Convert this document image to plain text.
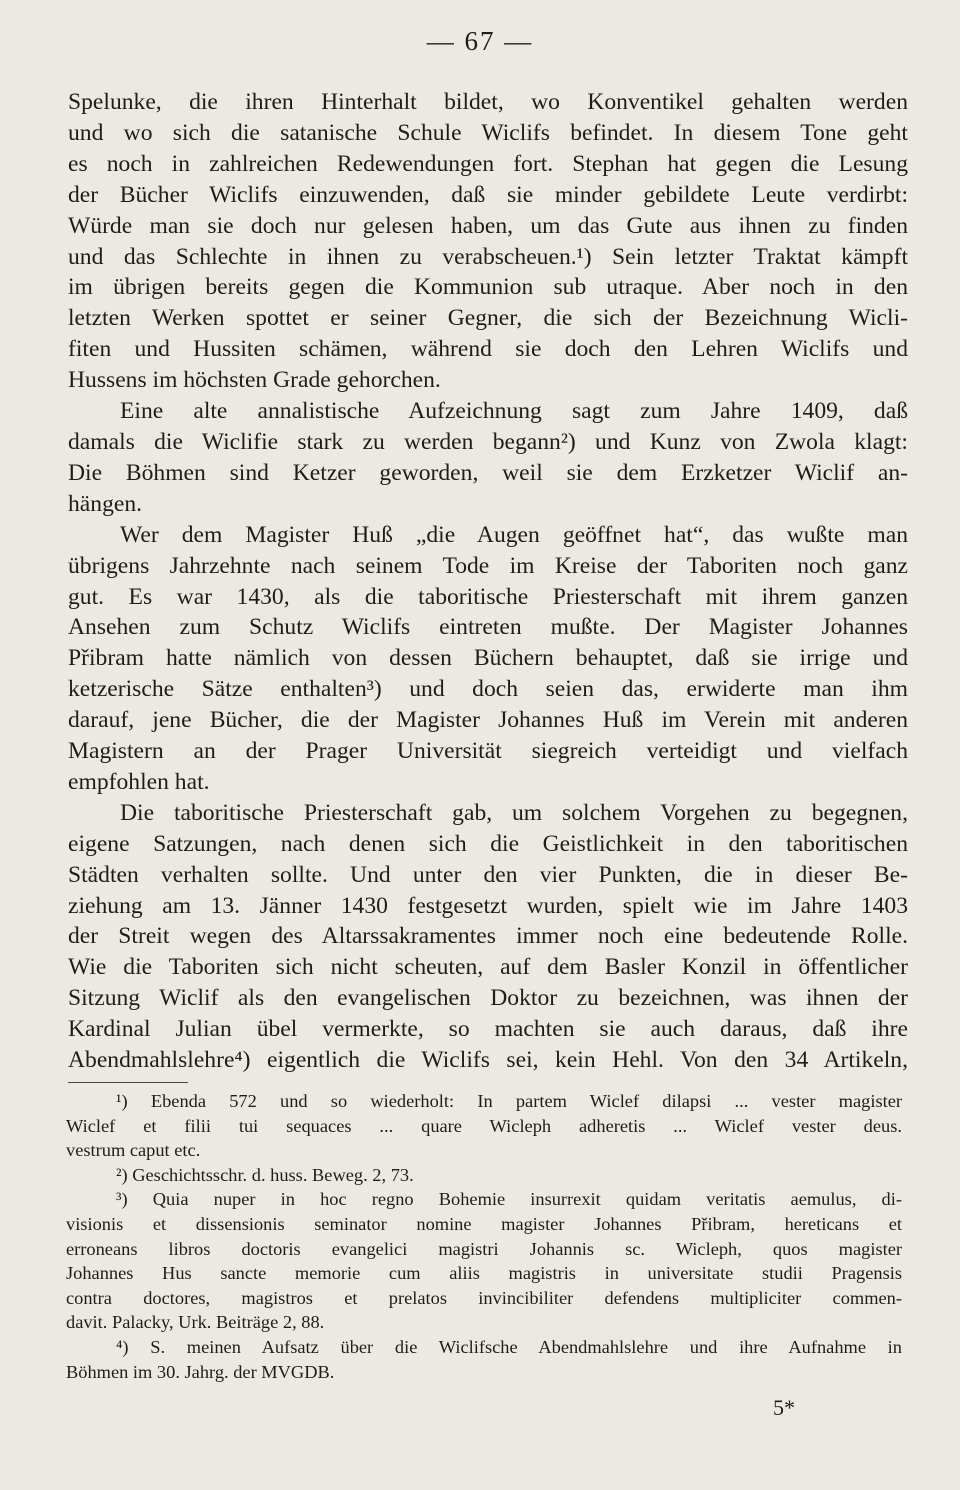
— 67 —
Spelunke, die ihren Hinterhalt bildet, wo Konventikel gehalten werden
und wo sich die satanische Schule Wiclifs befindet. In diesem Tone geht
es noch in zahlreichen Redewendungen fort. Stephan hat gegen die Lesung
der Bücher Wiclifs einzuwenden, daß sie minder gebildete Leute verdirbt:
Würde man sie doch nur gelesen haben, um das Gute aus ihnen zu finden
und das Schlechte in ihnen zu verabscheuen.¹) Sein letzter Traktat kämpft
im übrigen bereits gegen die Kommunion sub utraque. Aber noch in den
letzten Werken spottet er seiner Gegner, die sich der Bezeichnung Wicli-
fiten und Hussiten schämen, während sie doch den Lehren Wiclifs und
Hussens im höchsten Grade gehorchen.
Eine alte annalistische Aufzeichnung sagt zum Jahre 1409, daß
damals die Wiclifie stark zu werden begann²) und Kunz von Zwola klagt:
Die Böhmen sind Ketzer geworden, weil sie dem Erzketzer Wiclif an-
hängen.
Wer dem Magister Huß „die Augen geöffnet hat“, das wußte man
übrigens Jahrzehnte nach seinem Tode im Kreise der Taboriten noch ganz
gut. Es war 1430, als die taboritische Priesterschaft mit ihrem ganzen
Ansehen zum Schutz Wiclifs eintreten mußte. Der Magister Johannes
Přibram hatte nämlich von dessen Büchern behauptet, daß sie irrige und
ketzerische Sätze enthalten³) und doch seien das, erwiderte man ihm
darauf, jene Bücher, die der Magister Johannes Huß im Verein mit anderen
Magistern an der Prager Universität siegreich verteidigt und vielfach
empfohlen hat.
Die taboritische Priesterschaft gab, um solchem Vorgehen zu begegnen,
eigene Satzungen, nach denen sich die Geistlichkeit in den taboritischen
Städten verhalten sollte. Und unter den vier Punkten, die in dieser Be-
ziehung am 13. Jänner 1430 festgesetzt wurden, spielt wie im Jahre 1403
der Streit wegen des Altarssakramentes immer noch eine bedeutende Rolle.
Wie die Taboriten sich nicht scheuten, auf dem Basler Konzil in öffentlicher
Sitzung Wiclif als den evangelischen Doktor zu bezeichnen, was ihnen der
Kardinal Julian übel vermerkte, so machten sie auch daraus, daß ihre
Abendmahlslehre⁴) eigentlich die Wiclifs sei, kein Hehl. Von den 34 Artikeln,
¹) Ebenda 572 und so wiederholt: In partem Wiclef dilapsi ... vester magister
Wiclef et filii tui sequaces ... quare Wicleph adheretis ... Wiclef vester deus.
vestrum caput etc.
²) Geschichtsschr. d. huss. Beweg. 2, 73.
³) Quia nuper in hoc regno Bohemie insurrexit quidam veritatis aemulus, di-
visionis et dissensionis seminator nomine magister Johannes Přibram, hereticans et
erroneans libros doctoris evangelici magistri Johannis sc. Wicleph, quos magister
Johannes Hus sancte memorie cum aliis magistris in universitate studii Pragensis
contra doctores, magistros et prelatos invincibiliter defendens multipliciter commen-
davit. Palacky, Urk. Beiträge 2, 88.
⁴) S. meinen Aufsatz über die Wiclifsche Abendmahlslehre und ihre Aufnahme in
Böhmen im 30. Jahrg. der MVGDB.
5*
